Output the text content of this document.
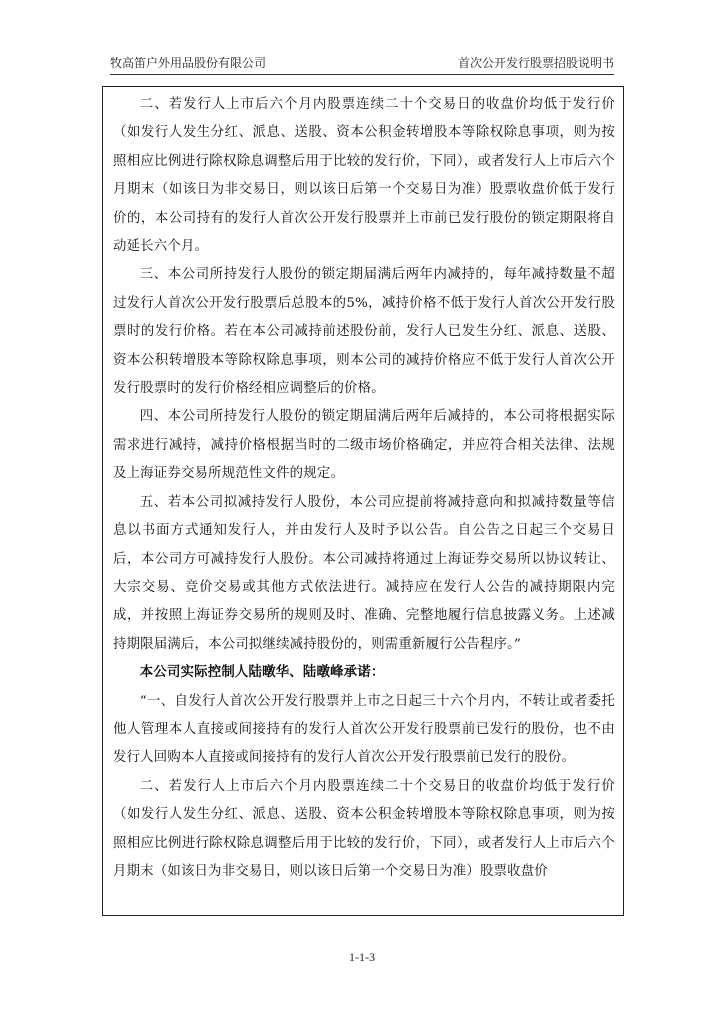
牧高笛户外用品股份有限公司	首次公开发行股票招股说明书

二、若发行人上市后六个月内股票连续二十个交易日的收盘价均低于发行价（如发行人发生分红、派息、送股、资本公积金转增股本等除权除息事项，则为按照相应比例进行除权除息调整后用于比较的发行价，下同），或者发行人上市后六个月期末（如该日为非交易日，则以该日后第一个交易日为准）股票收盘价低于发行价的，本公司持有的发行人首次公开发行股票并上市前已发行股份的锁定期限将自动延长六个月。

三、本公司所持发行人股份的锁定期届满后两年内减持的，每年减持数量不超过发行人首次公开发行股票后总股本的5%，减持价格不低于发行人首次公开发行股票时的发行价格。若在本公司减持前述股份前，发行人已发生分红、派息、送股、资本公积转增股本等除权除息事项，则本公司的减持价格应不低于发行人首次公开发行股票时的发行价格经相应调整后的价格。

四、本公司所持发行人股份的锁定期届满后两年后减持的，本公司将根据实际需求进行减持，减持价格根据当时的二级市场价格确定，并应符合相关法律、法规及上海证券交易所规范性文件的规定。

五、若本公司拟减持发行人股份，本公司应提前将减持意向和拟减持数量等信息以书面方式通知发行人，并由发行人及时予以公告。自公告之日起三个交易日后，本公司方可减持发行人股份。本公司减持将通过上海证券交易所以协议转让、大宗交易、竞价交易或其他方式依法进行。减持应在发行人公告的减持期限内完成，并按照上海证券交易所的规则及时、准确、完整地履行信息披露义务。上述减持期限届满后，本公司拟继续减持股份的，则需重新履行公告程序。”

本公司实际控制人陆暾华、陆暾峰承诺：

“一、自发行人首次公开发行股票并上市之日起三十六个月内，不转让或者委托他人管理本人直接或间接持有的发行人首次公开发行股票前已发行的股份，也不由发行人回购本人直接或间接持有的发行人首次公开发行股票前已发行的股份。

二、若发行人上市后六个月内股票连续二十个交易日的收盘价均低于发行价（如发行人发生分红、派息、送股、资本公积金转增股本等除权除息事项，则为按照相应比例进行除权除息调整后用于比较的发行价，下同），或者发行人上市后六个月期末（如该日为非交易日，则以该日后第一个交易日为准）股票收盘价

1-1-3
